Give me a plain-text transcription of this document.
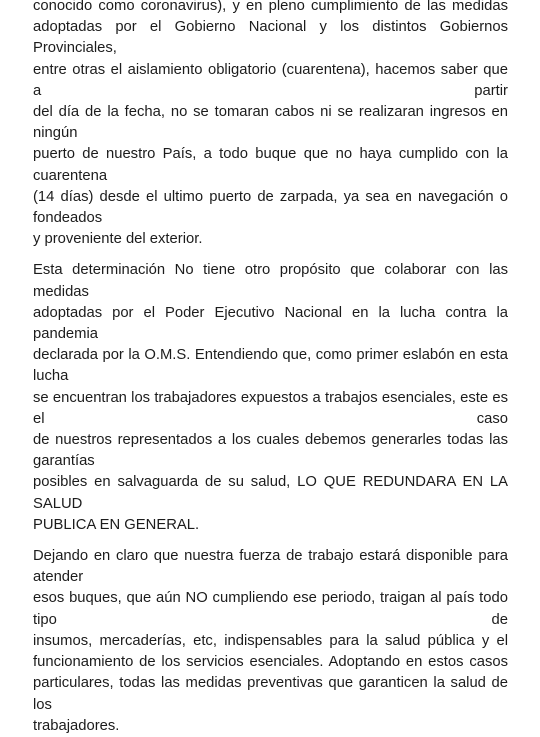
conocido como coronavirus), y en pleno cumplimiento de las medidas
adoptadas por el Gobierno Nacional y los distintos Gobiernos Provinciales,
entre otras el aislamiento obligatorio (cuarentena), hacemos saber que a partir
del día de la fecha, no se tomaran cabos ni se realizaran ingresos en ningún
puerto de nuestro País, a todo buque que no haya cumplido con la cuarentena
(14 días) desde el ultimo puerto de zarpada, ya sea en navegación o fondeados
y proveniente del exterior.

Esta determinación No tiene otro propósito que colaborar con las medidas
adoptadas por el Poder Ejecutivo Nacional en la lucha contra la pandemia
declarada por la O.M.S. Entendiendo que, como primer eslabón en esta lucha
se encuentran los trabajadores expuestos a trabajos esenciales, este es el caso
de nuestros representados a los cuales debemos generarles todas las garantías
posibles en salvaguarda de su salud, LO QUE REDUNDARA EN LA SALUD
PUBLICA EN GENERAL.

Dejando en claro que nuestra fuerza de trabajo estará disponible para atender
esos buques, que aún NO cumpliendo ese periodo, traigan al país todo tipo de
insumos, mercaderías, etc, indispensables para la salud pública y el
funcionamiento de los servicios esenciales. Adoptando en estos casos
particulares, todas las medidas preventivas que garanticen la salud de los
trabajadores.
